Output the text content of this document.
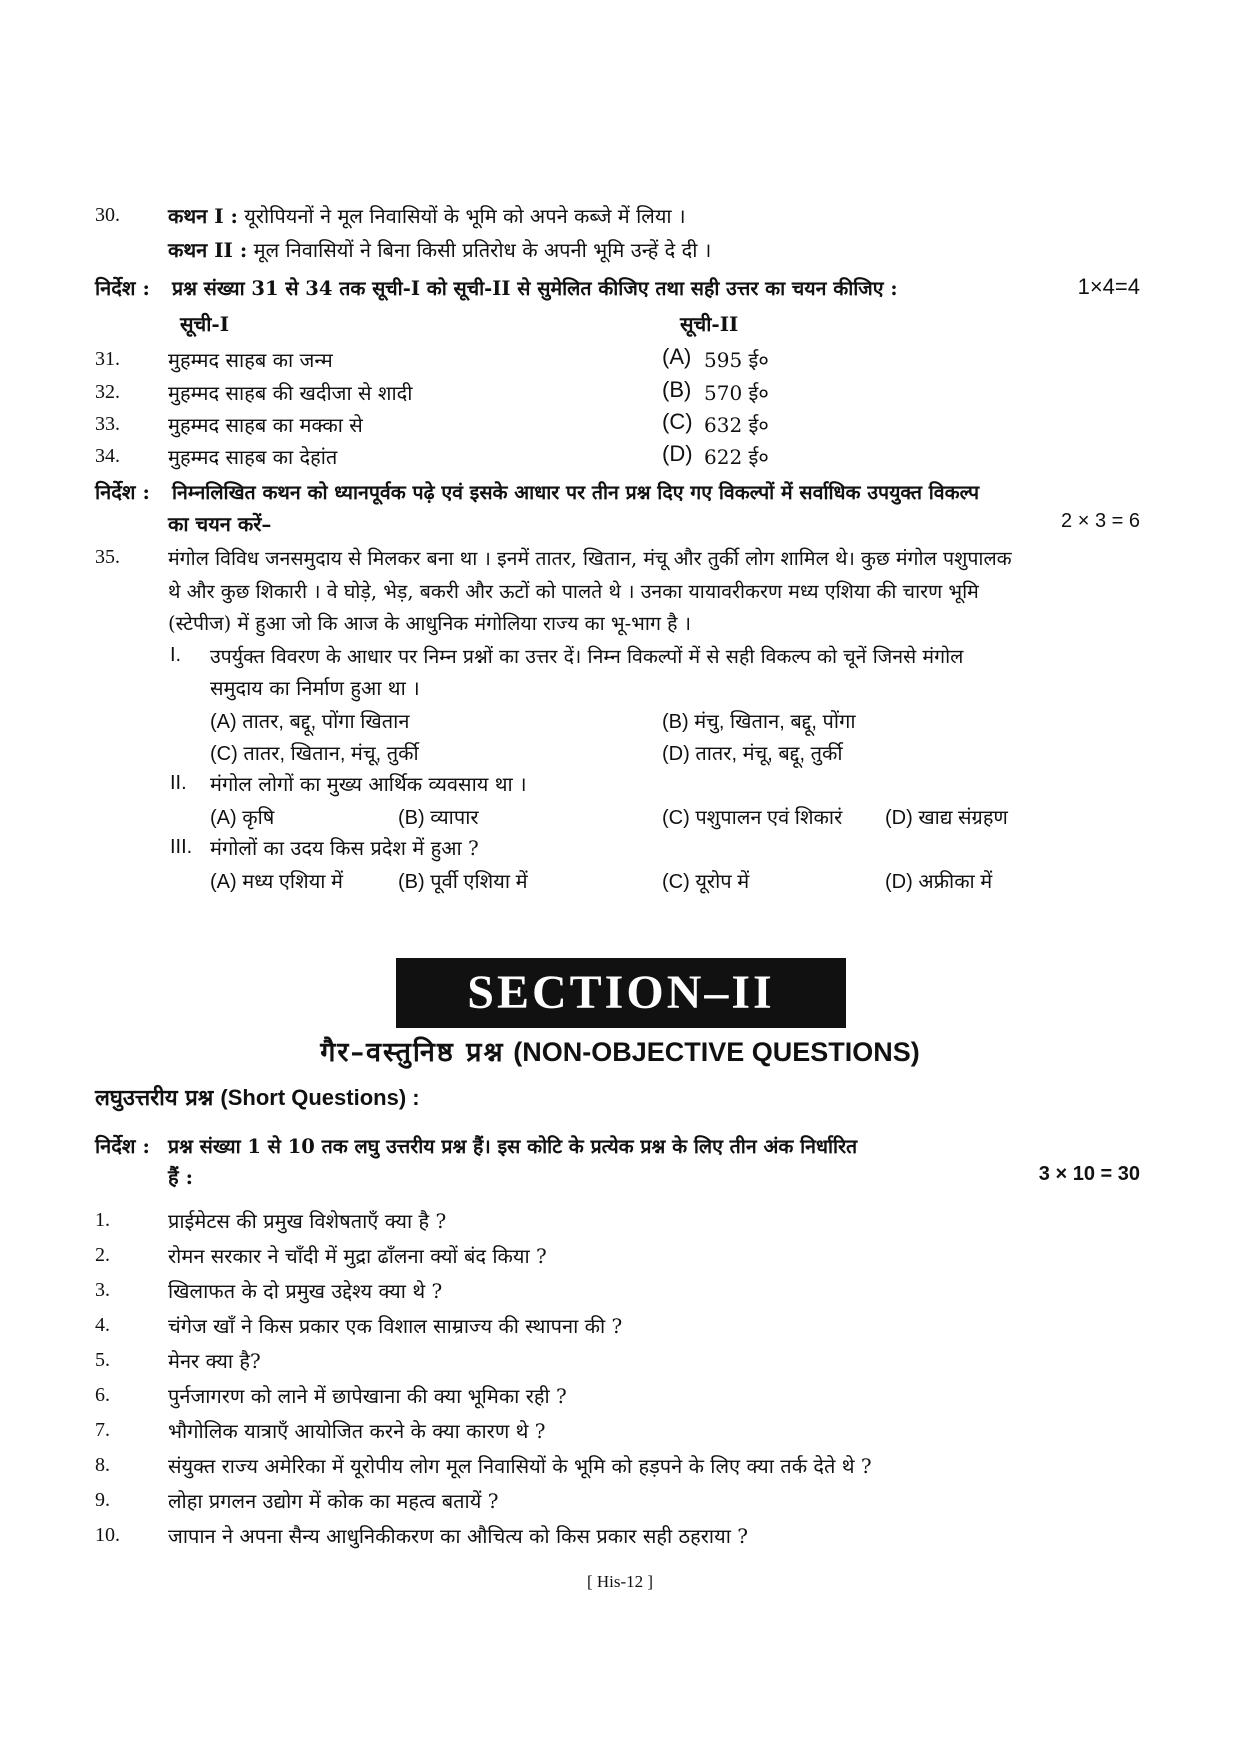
30. कथन I : यूरोपियनों ने मूल निवासियों के भूमि को अपने कब्जे में लिया ।
कथन II : मूल निवासियों ने बिना किसी प्रतिरोध के अपनी भूमि उन्हें दे दी ।
निर्देश : प्रश्न संख्या 31 से 34 तक सूची-I को सूची-II से सुमेलित कीजिए तथा सही उत्तर का चयन कीजिए :	1×4=4
सूची-I	सूची-II
31. मुहम्मद साहब का जन्म	(A) 595 ई०
32. मुहम्मद साहब की खदीजा से शादी	(B) 570 ई०
33. मुहम्मद साहब का मक्का से	(C) 632 ई०
34. मुहम्मद साहब का देहांत	(D) 622 ई०
निर्देश : निम्नलिखित कथन को ध्यानपूर्वक पढ़े एवं इसके आधार पर तीन प्रश्न दिए गए विकल्पों में सर्वाधिक उपयुक्त विकल्प
का चयन करें–	2 × 3 = 6
35. मंगोल विविध जनसमुदाय से मिलकर बना था । इनमें तातर, खितान, मंचू और तुर्की लोग शामिल थे। कुछ मंगोल पशुपालक
थे और कुछ शिकारी । वे घोड़े, भेड़, बकरी और ऊटों को पालते थे । उनका यायावरीकरण मध्य एशिया की चारण भूमि
(स्टेपीज) में हुआ जो कि आज के आधुनिक मंगोलिया राज्य का भू-भाग है ।
I. उपर्युक्त विवरण के आधार पर निम्न प्रश्नों का उत्तर दें। निम्न विकल्पों में से सही विकल्प को चूनें जिनसे मंगोल
समुदाय का निर्माण हुआ था ।
(A) तातर, बद्दू, पोंगा खितान	(B) मंचु, खितान, बद्दू, पोंगा
(C) तातर, खितान, मंचू, तुर्की	(D) तातर, मंचू, बद्दू, तुर्की
II. मंगोल लोगों का मुख्य आर्थिक व्यवसाय था ।
(A) कृषि	(B) व्यापार	(C) पशुपालन एवं शिकारं (D) खाद्य संग्रहण
III. मंगोलों का उदय किस प्रदेश में हुआ ?
(A) मध्य एशिया में	(B) पूर्वी एशिया में	(C) यूरोप में	(D) अफ्रीका में
SECTION–II
गैर–वस्तुनिष्ठ प्रश्न (NON-OBJECTIVE QUESTIONS)
लघुउत्तरीय प्रश्न (Short Questions) :
निर्देश : प्रश्न संख्या 1 से 10 तक लघु उत्तरीय प्रश्न हैं। इस कोटि के प्रत्येक प्रश्न के लिए तीन अंक निर्धारित
हैं :	3 × 10 = 30
1.	प्राईमेटस की प्रमुख विशेषताएँ क्या है ?
2.	रोमन सरकार ने चाँदी में मुद्रा ढाँलना क्यों बंद किया ?
3.	खिलाफत के दो प्रमुख उद्देश्य क्या थे ?
4.	चंगेज खाँ ने किस प्रकार एक विशाल साम्राज्य की स्थापना की ?
5.	मेनर क्या है?
6.	पुर्नजागरण को लाने में छापेखाना की क्या भूमिका रही ?
7.	भौगोलिक यात्राएँ आयोजित करने के क्या कारण थे ?
8.	संयुक्त राज्य अमेरिका में यूरोपीय लोग मूल निवासियों के भूमि को हड़पने के लिए क्या तर्क देते थे ?
9.	लोहा प्रगलन उद्योग में कोक का महत्व बतायें ?
10. जापान ने अपना सैन्य आधुनिकीकरण का औचित्य को किस प्रकार सही ठहराया ?
[ His-12 ]
